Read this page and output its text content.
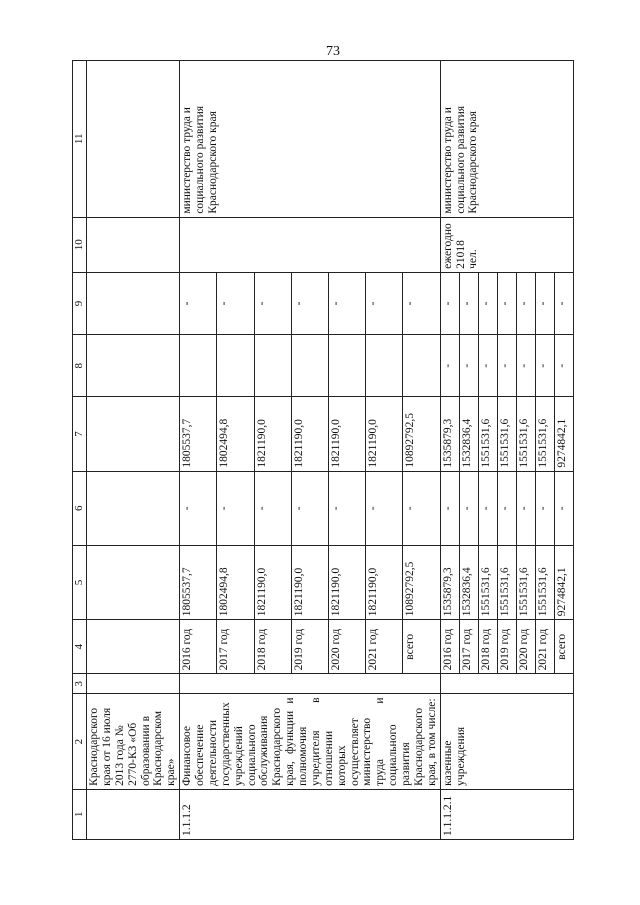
73
1	2	3	4	5	6	7	8	9	10	11
	Краснодарского края от 16 июля 2013 года № 2770-КЗ «Об образовании в Краснодарском крае»									
1.1.1.2	Финансовое обеспечение деятельности государственных учреждений социального обслуживания Краснодарского края, функции и полномочия учредителя в отношении которых осуществляет министерство труда и социального развития Краснодарского края, в том числе:		2016 год	1805537,7	-	1805537,7		-		министерство труда и социального развития Краснодарского края
			2017 год	1802494,8	-	1802494,8		-		
			2018 год	1821190,0	-	1821190,0		-		
			2019 год	1821190,0	-	1821190,0		-		
			2020 год	1821190,0	-	1821190,0		-		
			2021 год	1821190,0	-	1821190,0		-		
			всего	10892792,5	-	10892792,5		-		
1.1.1.2.1	казенные учреждения		2016 год	1535879,3	-	1535879,3	-	-	ежегодно 21018 чел.	министерство труда и социального развития Краснодарского края
			2017 год	1532836,4	-	1532836,4	-	-		
			2018 год	1551531,6	-	1551531,6	-	-		
			2019 год	1551531,6	-	1551531,6	-	-		
			2020 год	1551531,6	-	1551531,6	-	-		
			2021 год	1551531,6	-	1551531,6	-	-		
			всего	9274842,1	-	9274842,1	-	-		
